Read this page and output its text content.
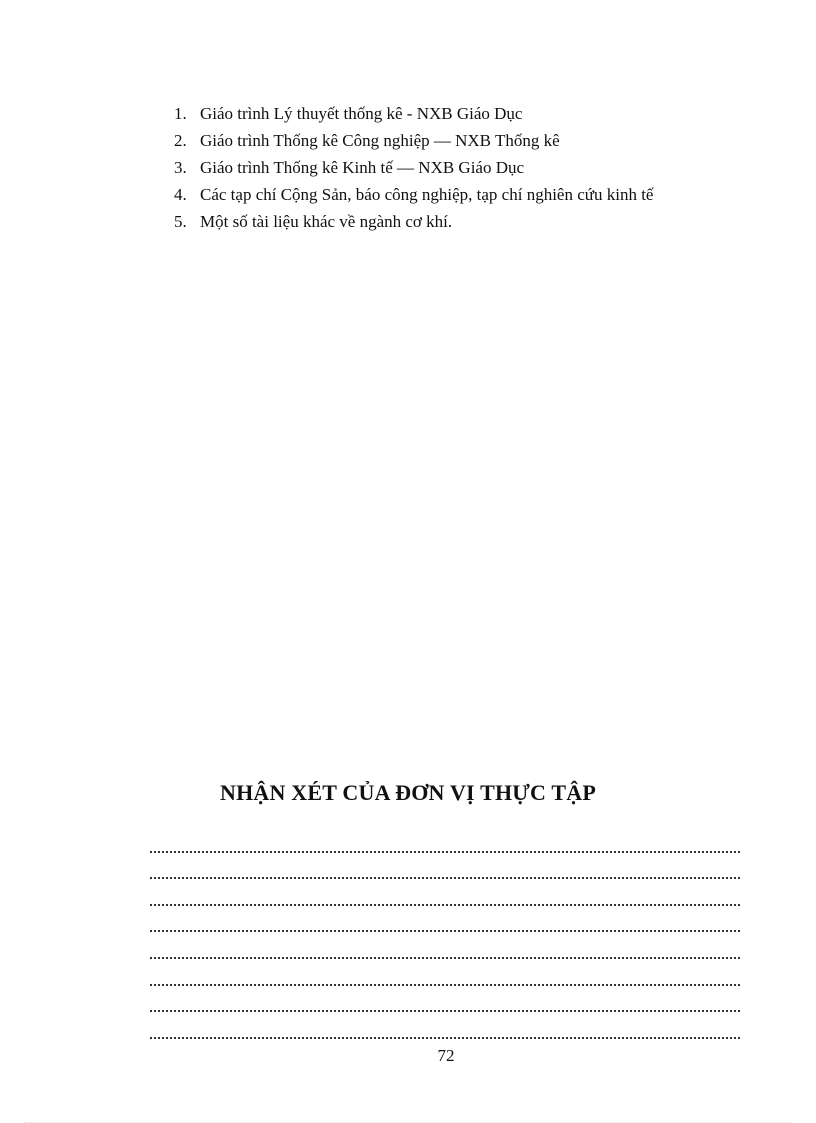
1. Giáo trình Lý thuyết thống kê - NXB Giáo Dục
2. Giáo trình Thống kê Công nghiệp — NXB Thống kê
3. Giáo trình Thống kê Kinh tế — NXB Giáo Dục
4. Các tạp chí Cộng Sản, báo công nghiệp, tạp chí nghiên cứu kinh tế
5. Một số tài liệu khác về ngành cơ khí.
NHẬN XÉT CỦA ĐƠN VỊ THỰC TẬP
72
